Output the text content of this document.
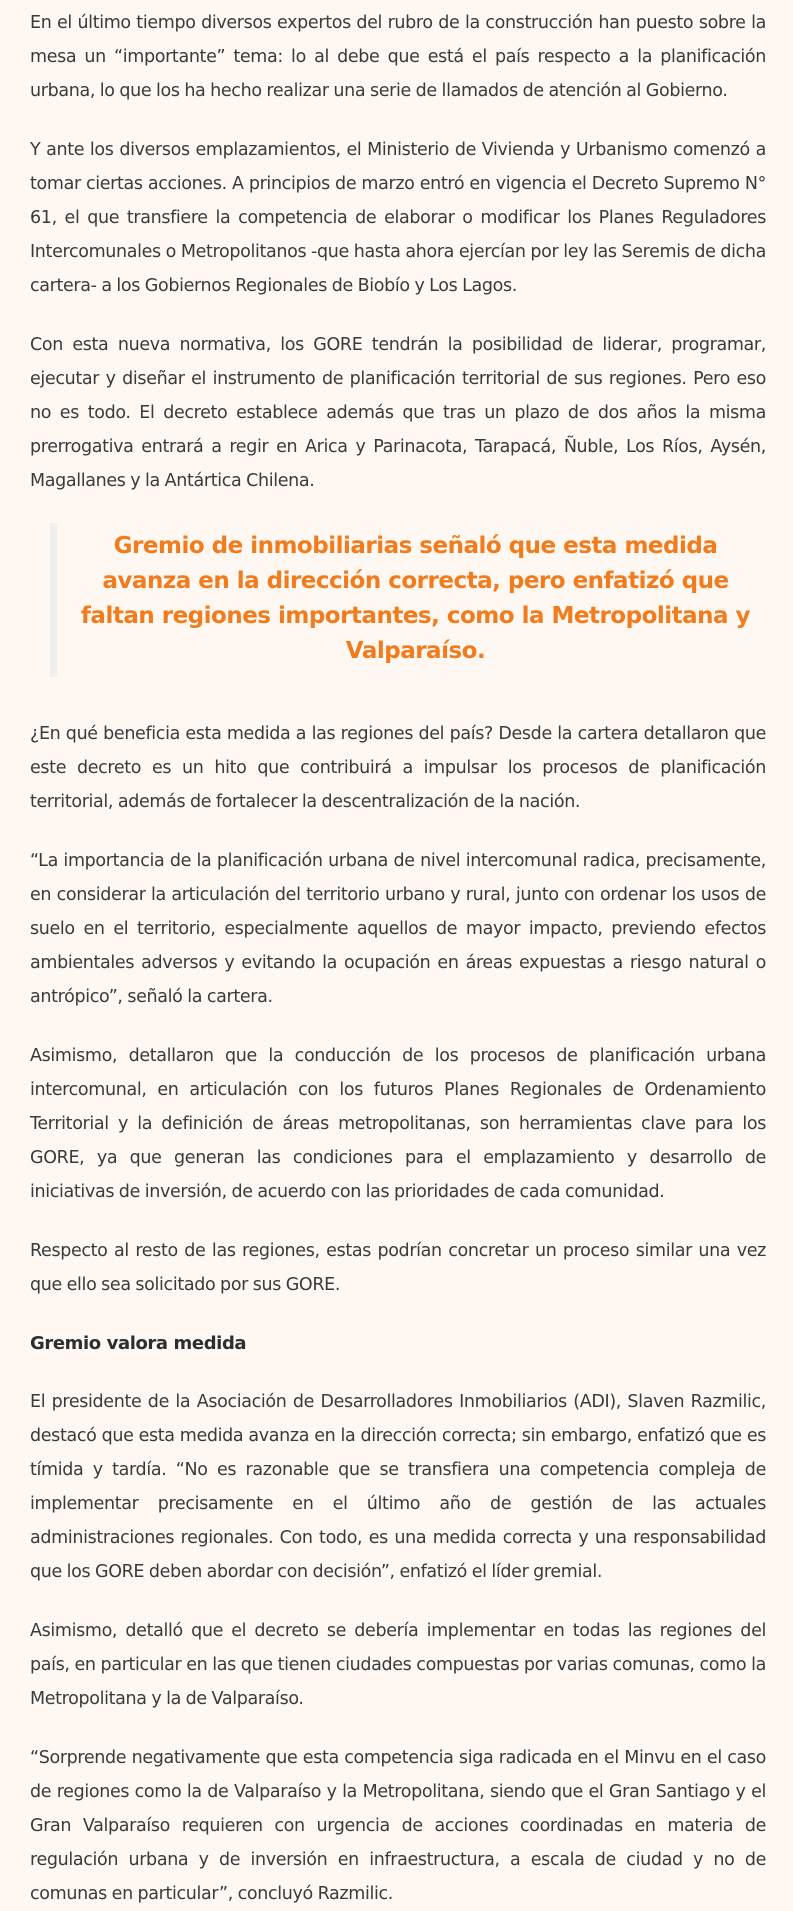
En el último tiempo diversos expertos del rubro de la construcción han puesto sobre la mesa un “importante” tema: lo al debe que está el país respecto a la planificación urbana, lo que los ha hecho realizar una serie de llamados de atención al Gobierno.

Y ante los diversos emplazamientos, el Ministerio de Vivienda y Urbanismo comenzó a tomar ciertas acciones. A principios de marzo entró en vigencia el Decreto Supremo N° 61, el que transfiere la competencia de elaborar o modificar los Planes Reguladores Intercomunales o Metropolitanos -que hasta ahora ejercían por ley las Seremis de dicha cartera- a los Gobiernos Regionales de Biobío y Los Lagos.

Con esta nueva normativa, los GORE tendrán la posibilidad de liderar, programar, ejecutar y diseñar el instrumento de planificación territorial de sus regiones. Pero eso no es todo. El decreto establece además que tras un plazo de dos años la misma prerrogativa entrará a regir en Arica y Parinacota, Tarapacá, Ñuble, Los Ríos, Aysén, Magallanes y la Antártica Chilena.

Gremio de inmobiliarias señaló que esta medida avanza en la dirección correcta, pero enfatizó que faltan regiones importantes, como la Metropolitana y Valparaíso.

¿En qué beneficia esta medida a las regiones del país? Desde la cartera detallaron que este decreto es un hito que contribuirá a impulsar los procesos de planificación territorial, además de fortalecer la descentralización de la nación.

“La importancia de la planificación urbana de nivel intercomunal radica, precisamente, en considerar la articulación del territorio urbano y rural, junto con ordenar los usos de suelo en el territorio, especialmente aquellos de mayor impacto, previendo efectos ambientales adversos y evitando la ocupación en áreas expuestas a riesgo natural o antrópico”, señaló la cartera.

Asimismo, detallaron que la conducción de los procesos de planificación urbana intercomunal, en articulación con los futuros Planes Regionales de Ordenamiento Territorial y la definición de áreas metropolitanas, son herramientas clave para los GORE, ya que generan las condiciones para el emplazamiento y desarrollo de iniciativas de inversión, de acuerdo con las prioridades de cada comunidad.

Respecto al resto de las regiones, estas podrían concretar un proceso similar una vez que ello sea solicitado por sus GORE.

Gremio valora medida

El presidente de la Asociación de Desarrolladores Inmobiliarios (ADI), Slaven Razmilic, destacó que esta medida avanza en la dirección correcta; sin embargo, enfatizó que es tímida y tardía. “No es razonable que se transfiera una competencia compleja de implementar precisamente en el último año de gestión de las actuales administraciones regionales. Con todo, es una medida correcta y una responsabilidad que los GORE deben abordar con decisión”, enfatizó el líder gremial.

Asimismo, detalló que el decreto se debería implementar en todas las regiones del país, en particular en las que tienen ciudades compuestas por varias comunas, como la Metropolitana y la de Valparaíso.

“Sorprende negativamente que esta competencia siga radicada en el Minvu en el caso de regiones como la de Valparaíso y la Metropolitana, siendo que el Gran Santiago y el Gran Valparaíso requieren con urgencia de acciones coordinadas en materia de regulación urbana y de inversión en infraestructura, a escala de ciudad y no de comunas en particular”, concluyó Razmilic.
